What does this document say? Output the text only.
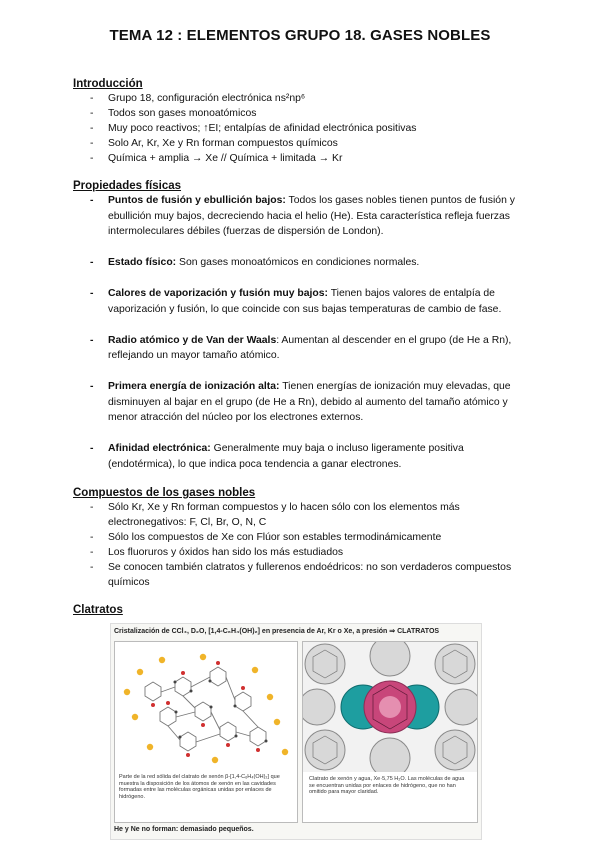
TEMA 12 : ELEMENTOS GRUPO 18. GASES NOBLES
Introducción
- Grupo 18, configuración electrónica ns²np⁶
- Todos son gases monoatómicos
- Muy poco reactivos; ↑EI; entalpías de afinidad electrónica positivas
- Solo Ar, Kr, Xe y Rn forman compuestos químicos
- Química + amplia → Xe // Química + limitada → Kr
Propiedades físicas
- Puntos de fusión y ebullición bajos: Todos los gases nobles tienen puntos de fusión y ebullición muy bajos, decreciendo hacia el helio (He). Esta característica refleja fuerzas intermoleculares débiles (fuerzas de dispersión de London).
- Estado físico: Son gases monoatómicos en condiciones normales.
- Calores de vaporización y fusión muy bajos: Tienen bajos valores de entalpía de vaporización y fusión, lo que coincide con sus bajas temperaturas de cambio de fase.
- Radio atómico y de Van der Waals: Aumentan al descender en el grupo (de He a Rn), reflejando un mayor tamaño atómico.
- Primera energía de ionización alta: Tienen energías de ionización muy elevadas, que disminuyen al bajar en el grupo (de He a Rn), debido al aumento del tamaño atómico y menor atracción del núcleo por los electrones externos.
- Afinidad electrónica: Generalmente muy baja o incluso ligeramente positiva (endotérmica), lo que indica poca tendencia a ganar electrones.
Compuestos de los gases nobles
- Sólo Kr, Xe y Rn forman compuestos y lo hacen sólo con los elementos más electronegativos: F, Cl, Br, O, N, C
- Sólo los compuestos de Xe con Flúor son estables termodinámicamente
- Los fluoruros y óxidos han sido los más estudiados
- Se conocen también clatratos y fullerenos endoédricos: no son verdaderos compuestos químicos
Clatratos
Cristalización de CCl₄, D₂O, [1,4-C₆H₄(OH)₂] en presencia de Ar, Kr o Xe, a presión ⇒ CLATRATOS
Parte de la red sólida del clatrato de xenón β-[1,4-C₆H₄(OH)₂] que muestra la disposición de los átomos de xenón en las cavidades formadas entre las moléculas orgánicas unidas por enlaces de hidrógeno.
Clatrato de xenón y agua, Xe·5,75 H₂O. Las moléculas de agua se encuentran unidas por enlaces de hidrógeno, que no han omitido para mayor claridad.
He y Ne no forman: demasiado pequeños.
